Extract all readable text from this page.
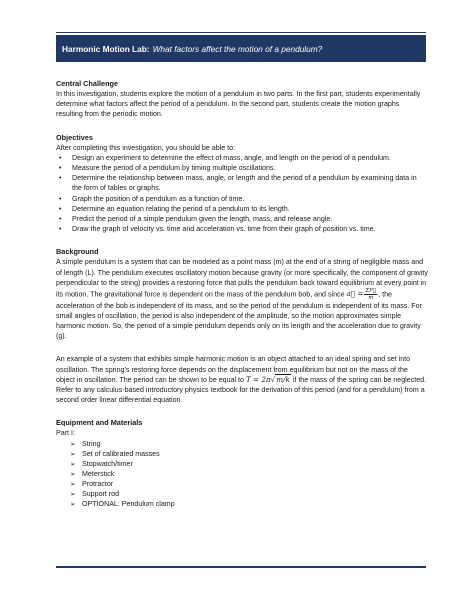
Harmonic Motion Lab: What factors affect the motion of a pendulum?
Central Challenge

In this investigation, students explore the motion of a pendulum in two parts. In the first part, students experimentally determine what factors affect the period of a pendulum. In the second part, students create the motion graphs resulting from the periodic motion.

Objectives

After completing this investigation, you should be able to:

• Design an experiment to determine the effect of mass, angle, and length on the period of a pendulum.
• Measure the period of a pendulum by timing multiple oscillations.
• Determine the relationship between mass, angle, or length and the period of a pendulum by examining data in the form of tables or graphs.
• Graph the position of a pendulum as a function of time.
• Determine an equation relating the period of a pendulum to its length.
• Predict the period of a simple pendulum given the length, mass, and release angle.
• Draw the graph of velocity vs. time and acceleration vs. time from their graph of position vs. time.
Background

A simple pendulum is a system that can be modeled as a point mass (m) at the end of a string of negligible mass and of length (L). The pendulum executes oscillatory motion because gravity (or more specifically, the component of gravity perpendicular to the string) provides a restoring force that pulls the pendulum back toward equilibrium at every point in its motion. The gravitational force is dependent on the mass of the pendulum bob, and since a⃗ = $\frac{\Sigma F⃗}{m}$ , the acceleration of the bob is independent of its mass, and so the period of the pendulum is independent of its mass. For small angles of oscillation, the period is also independent of the amplitude, so the motion approximates simple harmonic motion. So, the period of a simple pendulum depends only on its length and the acceleration due to gravity (g).

An example of a system that exhibits simple harmonic motion is an object attached to an ideal spring and set into oscillation. The spring’s restoring force depends on the displacement from equilibrium but not on the mass of the object in oscillation. The period can be shown to be equal to T = 2π√m/k if the mass of the spring can be neglected. Refer to any calculus-based introductory physics textbook for the derivation of this period (and for a pendulum) from a second order linear differential equation.

Equipment and Materials

Part I:

➢ String
➢ Set of calibrated masses
➢ Stopwatch/timer
➢ Meterstick
➢ Protractor
➢ Support rod
➢ OPTIONAL: Pendulum clamp
